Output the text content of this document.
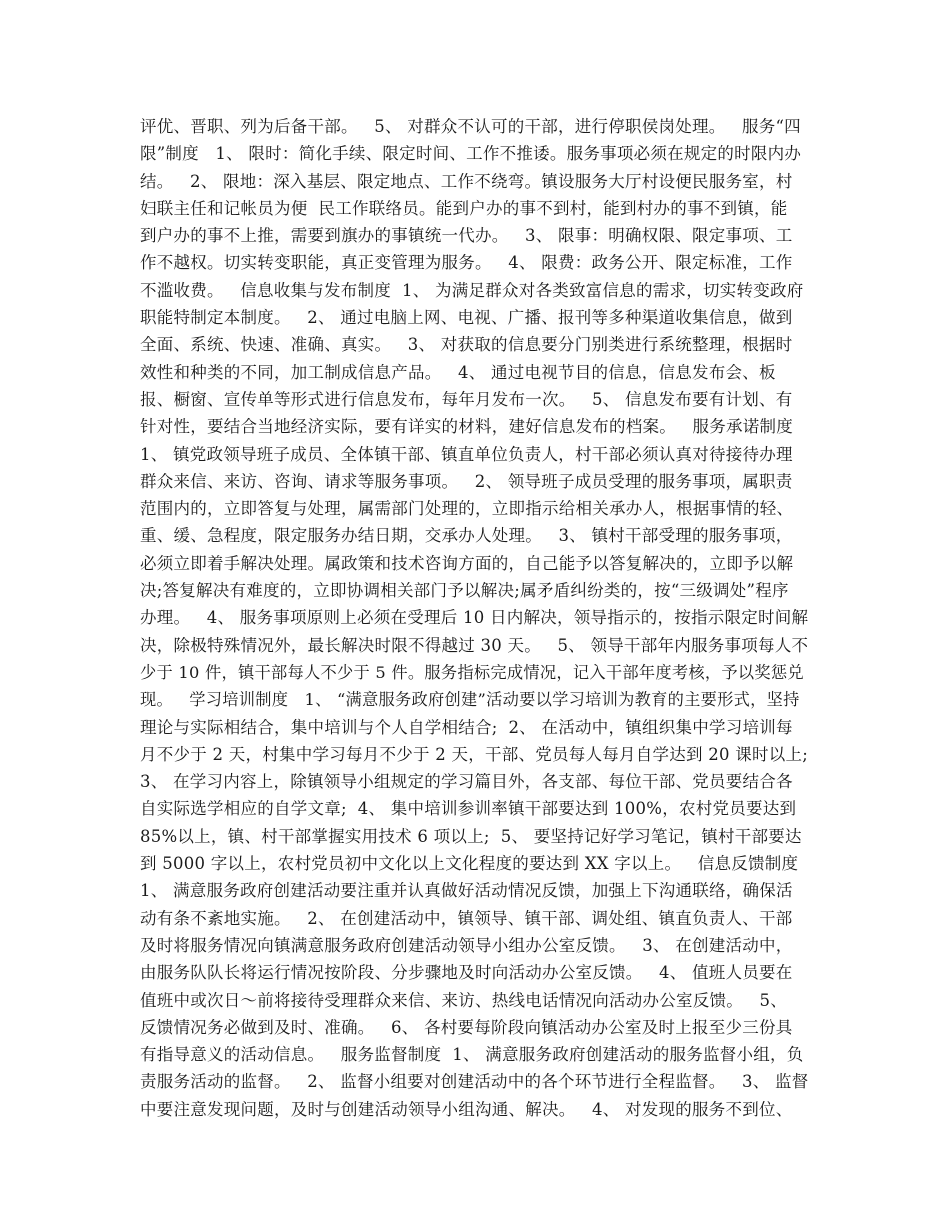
评优、晋职、列为后备干部。   5、 对群众不认可的干部，进行停职侯岗处理。   服务“四
限”制度   1、 限时：简化手续、限定时间、工作不推诿。服务事项必须在规定的时限内办
结。   2、 限地：深入基层、限定地点、工作不绕弯。镇设服务大厅村设便民服务室，村
妇联主任和记帐员为便  民工作联络员。能到户办的事不到村，能到村办的事不到镇，能
到户办的事不上推，需要到旗办的事镇统一代办。   3、 限事：明确权限、限定事项、工
作不越权。切实转变职能，真正变管理为服务。   4、 限费：政务公开、限定标准，工作
不滥收费。   信息收集与发布制度  1、 为满足群众对各类致富信息的需求，切实转变政府
职能特制定本制度。   2、 通过电脑上网、电视、广播、报刊等多种渠道收集信息，做到
全面、系统、快速、准确、真实。   3、 对获取的信息要分门别类进行系统整理，根据时
效性和种类的不同，加工制成信息产品。   4、 通过电视节目的信息，信息发布会、板
报、橱窗、宣传单等形式进行信息发布，每年月发布一次。   5、 信息发布要有计划、有
针对性，要结合当地经济实际，要有详实的材料，建好信息发布的档案。   服务承诺制度
1、 镇党政领导班子成员、全体镇干部、镇直单位负责人，村干部必须认真对待接待办理
群众来信、来访、咨询、请求等服务事项。   2、 领导班子成员受理的服务事项，属职责
范围内的，立即答复与处理，属需部门处理的，立即指示给相关承办人，根据事情的轻、
重、缓、急程度，限定服务办结日期，交承办人处理。   3、 镇村干部受理的服务事项，
必须立即着手解决处理。属政策和技术咨询方面的，自己能予以答复解决的，立即予以解
决;答复解决有难度的，立即协调相关部门予以解决;属矛盾纠纷类的，按“三级调处”程序
办理。   4、 服务事项原则上必须在受理后 10 日内解决，领导指示的，按指示限定时间解
决，除极特殊情况外，最长解决时限不得越过 30 天。   5、 领导干部年内服务事项每人不
少于 10 件，镇干部每人不少于 5 件。服务指标完成情况，记入干部年度考核，予以奖惩兑
现。   学习培训制度   1、 “满意服务政府创建”活动要以学习培训为教育的主要形式，坚持
理论与实际相结合，集中培训与个人自学相结合;  2、 在活动中，镇组织集中学习培训每
月不少于 2 天，村集中学习每月不少于 2 天，干部、党员每人每月自学达到 20 课时以上;
3、 在学习内容上，除镇领导小组规定的学习篇目外，各支部、每位干部、党员要结合各
自实际选学相应的自学文章;  4、 集中培训参训率镇干部要达到 100%，农村党员要达到
85%以上，镇、村干部掌握实用技术 6 项以上;  5、 要坚持记好学习笔记，镇村干部要达
到 5000 字以上，农村党员初中文化以上文化程度的要达到 XX 字以上。   信息反馈制度
1、 满意服务政府创建活动要注重并认真做好活动情况反馈，加强上下沟通联络，确保活
动有条不紊地实施。   2、 在创建活动中，镇领导、镇干部、调处组、镇直负责人、干部
及时将服务情况向镇满意服务政府创建活动领导小组办公室反馈。   3、 在创建活动中，
由服务队队长将运行情况按阶段、分步骤地及时向活动办公室反馈。   4、 值班人员要在
值班中或次日～前将接待受理群众来信、来访、热线电话情况向活动办公室反馈。   5、
反馈情况务必做到及时、准确。   6、 各村要每阶段向镇活动办公室及时上报至少三份具
有指导意义的活动信息。   服务监督制度  1、 满意服务政府创建活动的服务监督小组，负
责服务活动的监督。   2、 监督小组要对创建活动中的各个环节进行全程监督。   3、 监督
中要注意发现问题，及时与创建活动领导小组沟通、解决。   4、 对发现的服务不到位、
